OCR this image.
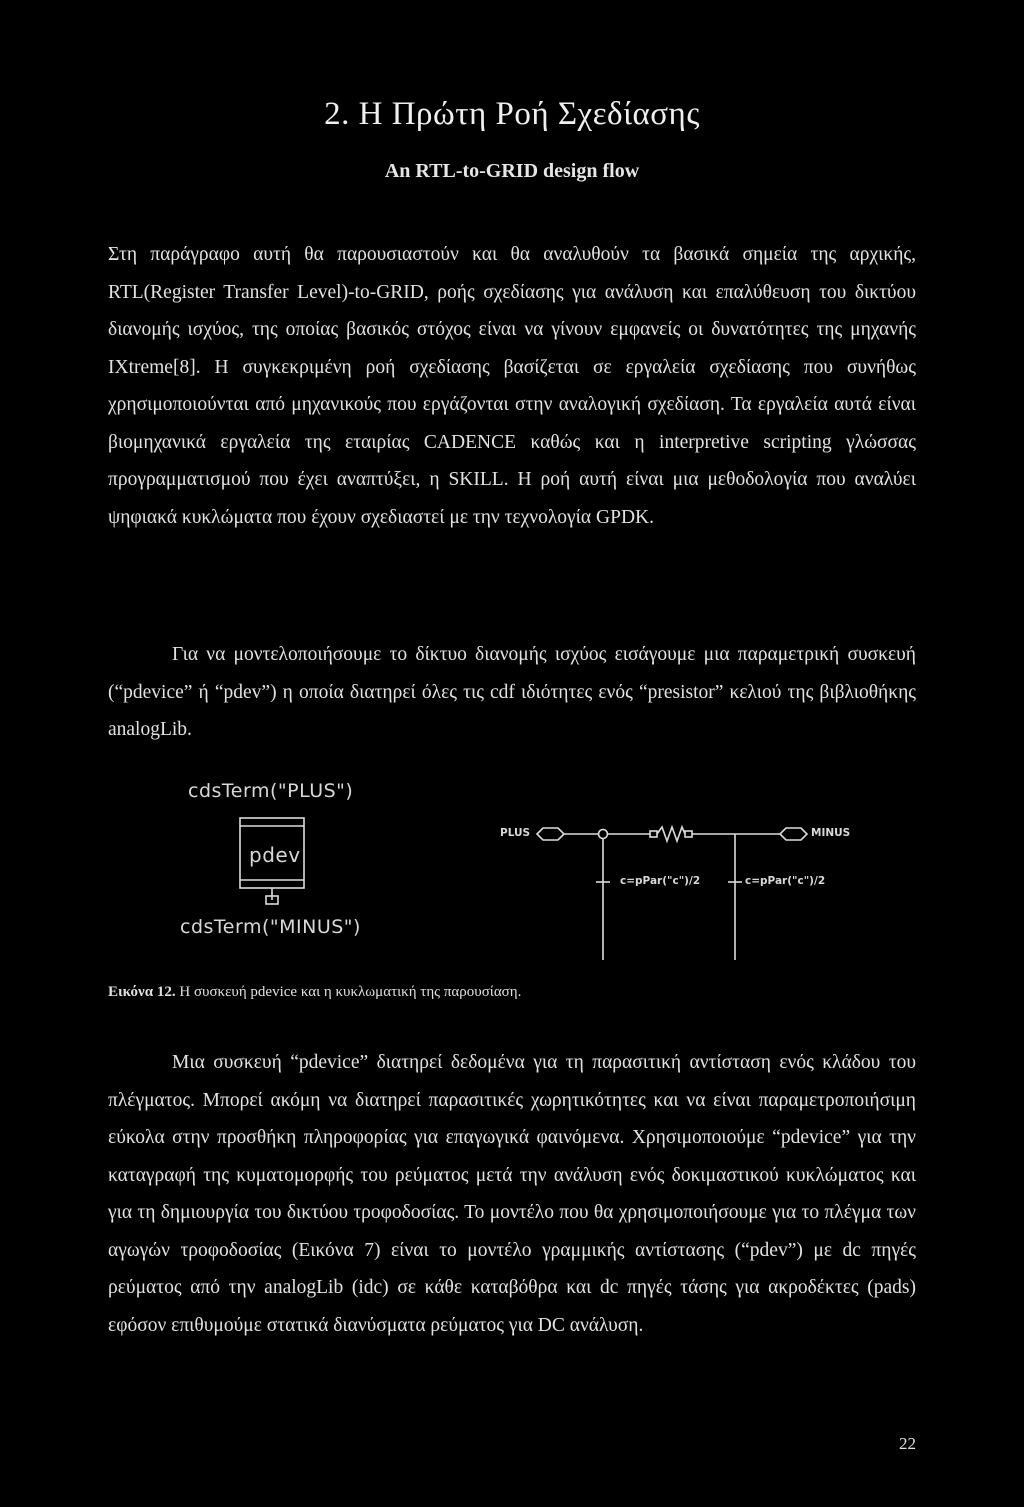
2. Η Πρώτη Ροή Σχεδίασης

An RTL-to-GRID design flow

Στη παράγραφο αυτή θα παρουσιαστούν και θα αναλυθούν τα βασικά σημεία της αρχικής, RTL(Register Transfer Level)-to-GRID, ροής σχεδίασης για ανάλυση και επαλύθευση του δικτύου διανομής ισχύος, της οποίας βασικός στόχος είναι να γίνουν εμφανείς οι δυνατότητες της μηχανής IXtreme[8]. Η συγκεκριμένη ροή σχεδίασης βασίζεται σε εργαλεία σχεδίασης που συνήθως χρησιμοποιούνται από μηχανικούς που εργάζονται στην αναλογική σχεδίαση. Τα εργαλεία αυτά είναι βιομηχανικά εργαλεία της εταιρίας CADENCE καθώς και η interpretive scripting γλώσσας προγραμματισμού που έχει αναπτύξει, η SKILL. Η ροή αυτή είναι μια μεθοδολογία που αναλύει ψηφιακά κυκλώματα που έχουν σχεδιαστεί με την τεχνολογία GPDK.

Για να μοντελοποιήσουμε το δίκτυο διανομής ισχύος εισάγουμε μια παραμετρική συσκευή (“pdevice” ή “pdev”) η οποία διατηρεί όλες τις cdf ιδιότητες ενός “presistor” κελιού της βιβλιοθήκης analogLib.

cdsTerm("PLUS")
pdev
cdsTerm("MINUS")
PLUS	MINUS
c=pPar("c")/2	c=pPar("c")/2

Εικόνα 12. Η συσκευή pdevice και η κυκλωματική της παρουσίαση.

Μια συσκευή “pdevice” διατηρεί δεδομένα για τη παρασιτική αντίσταση ενός κλάδου του πλέγματος. Μπορεί ακόμη να διατηρεί παρασιτικές χωρητικότητες και να είναι παραμετροποιήσιμη εύκολα στην προσθήκη πληροφορίας για επαγωγικά φαινόμενα. Χρησιμοποιούμε “pdevice” για την καταγραφή της κυματομορφής του ρεύματος μετά την ανάλυση ενός δοκιμαστικού κυκλώματος και για τη δημιουργία του δικτύου τροφοδοσίας. Το μοντέλο που θα χρησιμοποιήσουμε για το πλέγμα των αγωγών τροφοδοσίας (Εικόνα 7) είναι το μοντέλο γραμμικής αντίστασης (“pdev”) με dc πηγές ρεύματος από την analogLib (idc) σε κάθε καταβόθρα και dc πηγές τάσης για ακροδέκτες (pads) εφόσον επιθυμούμε στατικά διανύσματα ρεύματος για DC ανάλυση.

22
